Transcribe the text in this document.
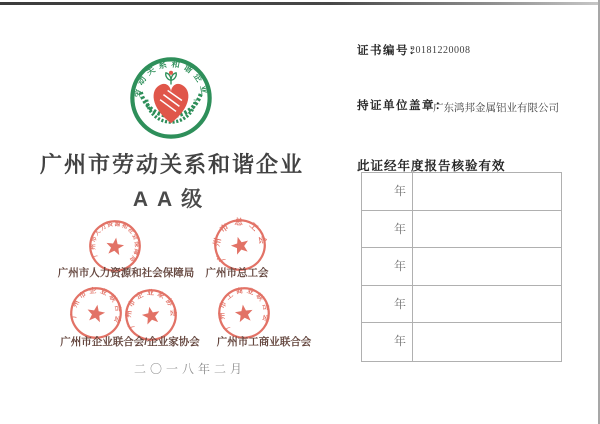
劳动关系和谐企业
广州市劳动关系和谐企业
AA级
广州市人力资源和社会保障局	广州市总工会
广州市企业联合会 广州市企业家协会
广州市工商业联合会
广州市人力资源和社会保障局	广州市总工会
广州市企业联合会/企业家协会	广州市工商业联合会
二〇一八年二月
证书编号：
20181220008
持证单位盖章：
广东鸿邦金属铝业有限公司
此证经年度报告核验有效
年
年
年
年
年
